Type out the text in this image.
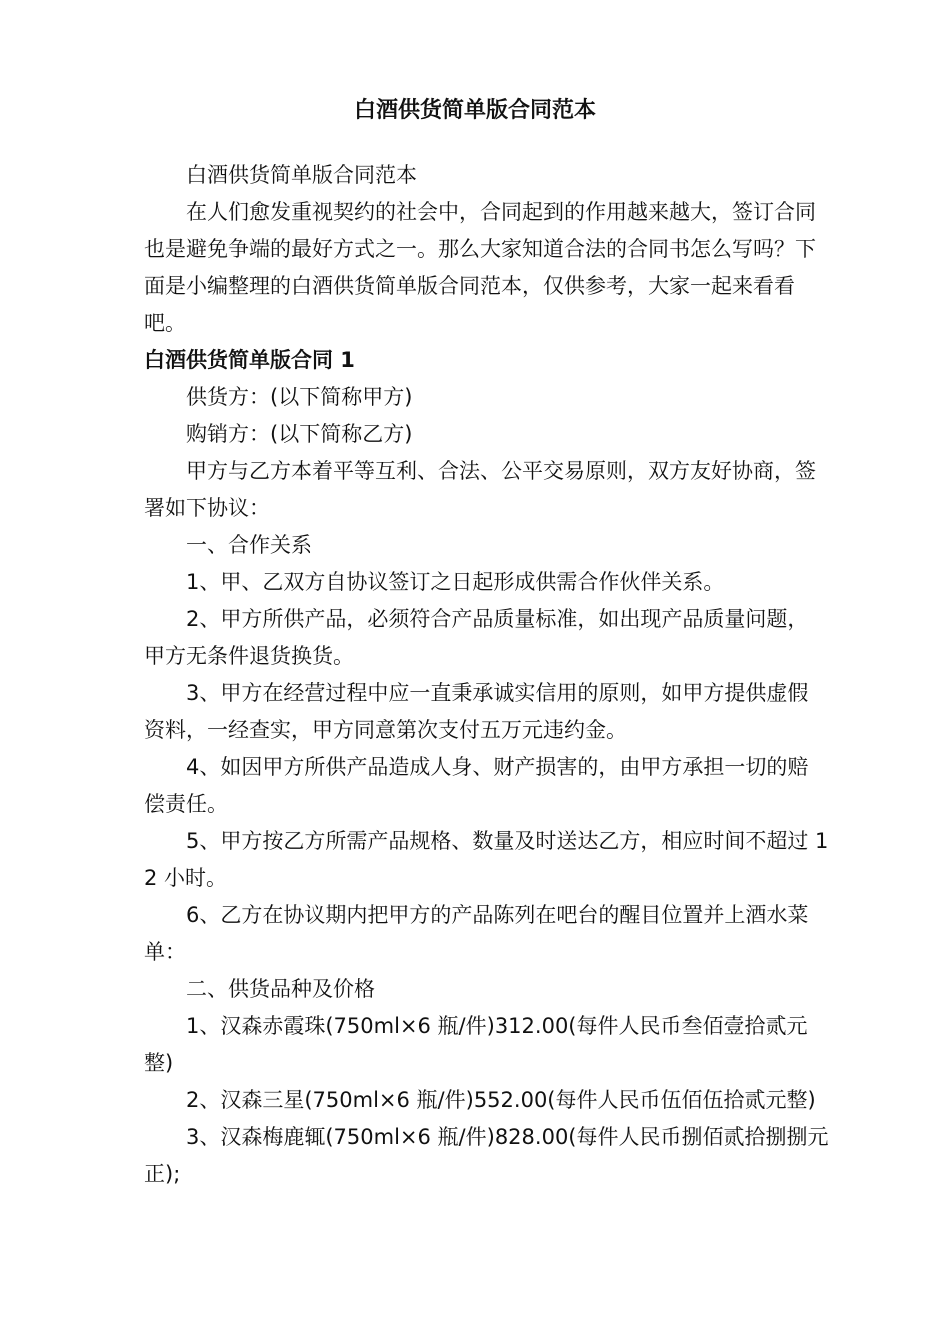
白酒供货简单版合同范本

白酒供货简单版合同范本

在人们愈发重视契约的社会中，合同起到的作用越来越大，签订合同也是避免争端的最好方式之一。那么大家知道合法的合同书怎么写吗？下面是小编整理的白酒供货简单版合同范本，仅供参考，大家一起来看看吧。

白酒供货简单版合同 1

供货方：(以下简称甲方)

购销方：(以下简称乙方)

甲方与乙方本着平等互利、合法、公平交易原则，双方友好协商，签署如下协议：

一、合作关系

1、甲、乙双方自协议签订之日起形成供需合作伙伴关系。

2、甲方所供产品，必须符合产品质量标准，如出现产品质量问题，甲方无条件退货换货。

3、甲方在经营过程中应一直秉承诚实信用的原则，如甲方提供虚假资料，一经查实，甲方同意第次支付五万元违约金。

4、如因甲方所供产品造成人身、财产损害的，由甲方承担一切的赔偿责任。

5、甲方按乙方所需产品规格、数量及时送达乙方，相应时间不超过 12 小时。

6、乙方在协议期内把甲方的产品陈列在吧台的醒目位置并上酒水菜单：

二、供货品种及价格

1、汉森赤霞珠(750ml×6 瓶/件)312.00(每件人民币叁佰壹拾贰元整)

2、汉森三星(750ml×6 瓶/件)552.00(每件人民币伍佰伍拾贰元整)

3、汉森梅鹿辄(750ml×6 瓶/件)828.00(每件人民币捌佰贰拾捌捌元正);
